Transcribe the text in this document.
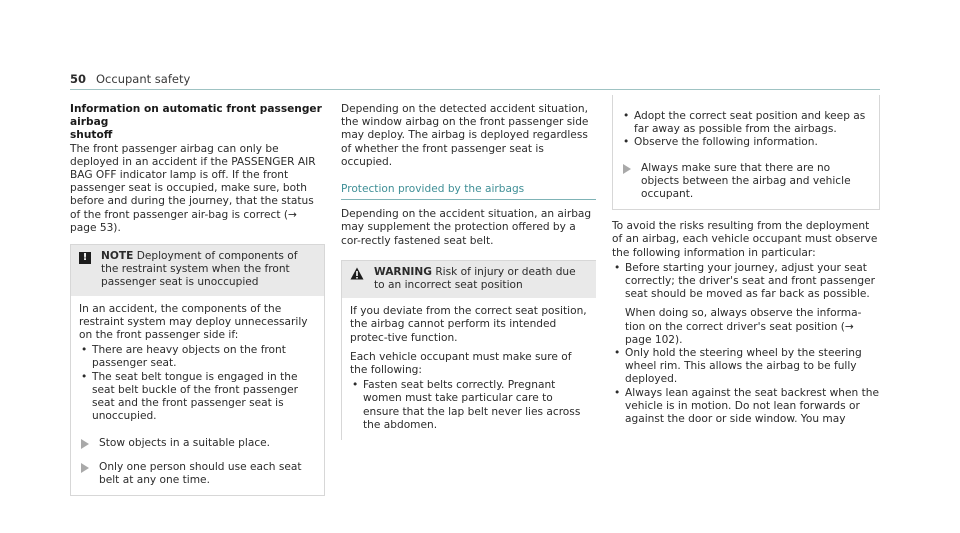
50 Occupant safety

Information on automatic front passenger airbag

shutoff

The front passenger airbag can only be deployed in an accident if the PASSENGER AIR BAG OFF indicator lamp is off. If the front passenger seat is occupied, make sure, both before and during the journey, that the status of the front passenger air-bag is correct (→ page 53).

!	NOTE Deployment of components of the restraint system when the front passenger seat is unoccupied

In an accident, the components of the restraint system may deploy unnecessarily on the front passenger side if:

• There are heavy objects on the front passenger seat.
• The seat belt tongue is engaged in the seat belt buckle of the front passenger seat and the front passenger seat is unoccupied.
Stow objects in a suitable place.
Only one person should use each seat belt at any one time.

Depending on the detected accident situation, the window airbag on the front passenger side may deploy. The airbag is deployed regardless of whether the front passenger seat is occupied.

Protection provided by the airbags

Depending on the accident situation, an airbag may supplement the protection offered by a cor-rectly fastened seat belt.

WARNING Risk of injury or death due to an incorrect seat position

If you deviate from the correct seat position, the airbag cannot perform its intended protec-tive function.

Each vehicle occupant must make sure of the following:

• Fasten seat belts correctly. Pregnant women must take particular care to ensure that the lap belt never lies across the abdomen.
• Adopt the correct seat position and keep as far away as possible from the airbags.
• Observe the following information.
Always make sure that there are no objects between the airbag and vehicle occupant.

To avoid the risks resulting from the deployment of an airbag, each vehicle occupant must observe the following information in particular:

• Before starting your journey, adjust your seat correctly; the driver's seat and front passenger seat should be moved as far back as possible.

When doing so, always observe the informa-tion on the correct driver's seat position (→ page 102).

• Only hold the steering wheel by the steering wheel rim. This allows the airbag to be fully deployed.
• Always lean against the seat backrest when the vehicle is in motion. Do not lean forwards or against the door or side window. You may
